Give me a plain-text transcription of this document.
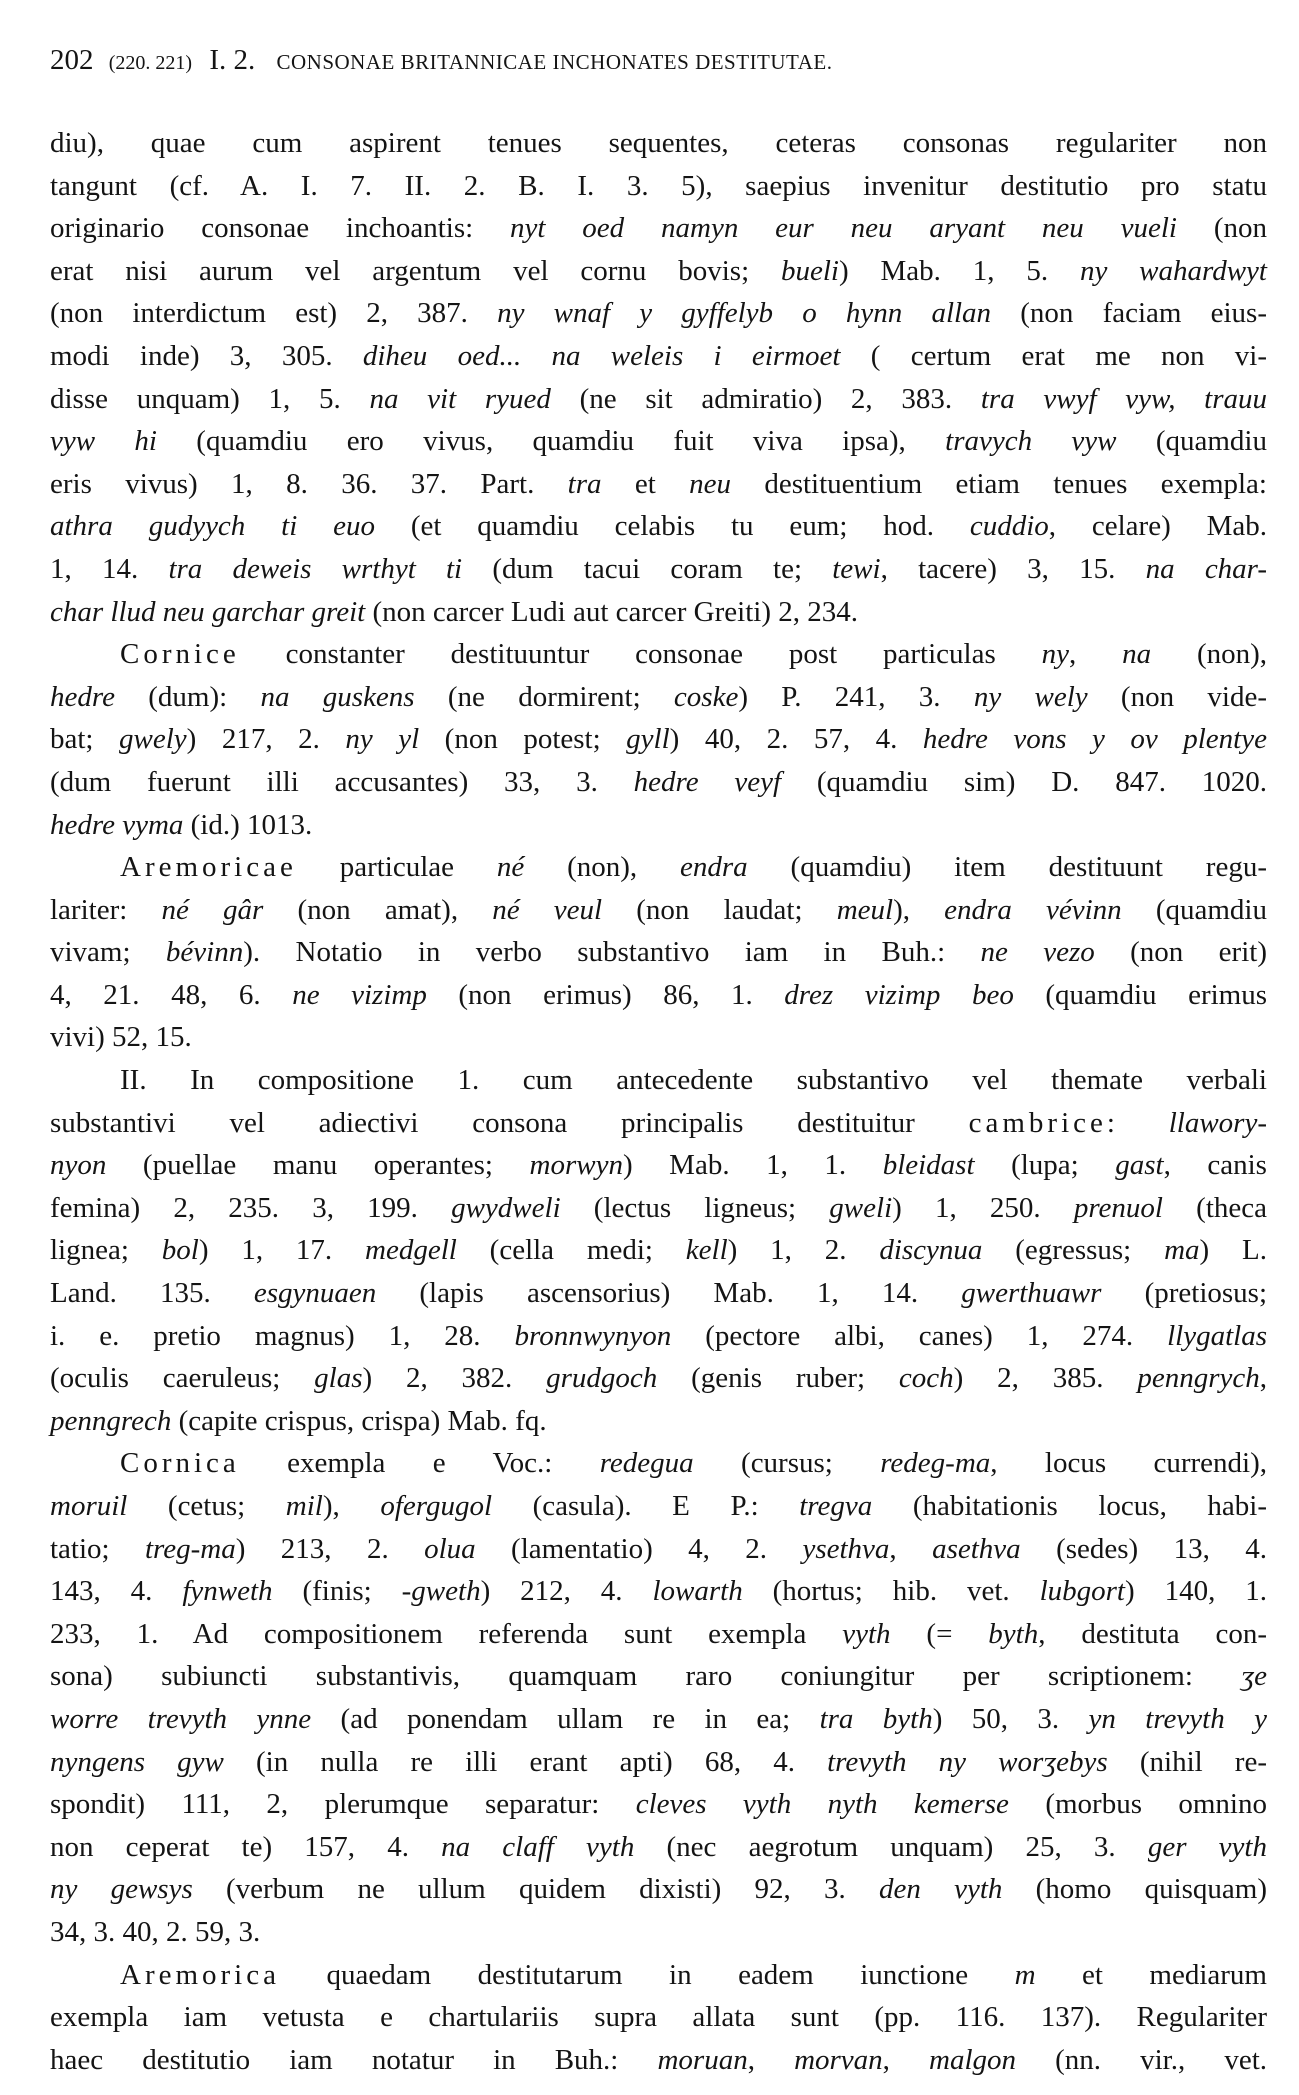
202 (220. 221) I. 2. CONSONAE BRITANNICAE INCHONATES DESTITUTAE.
diu), quae cum aspirent tenues sequentes, ceteras consonas regulariter non
tangunt (cf. A. I. 7. II. 2. B. I. 3. 5), saepius invenitur destitutio pro statu
originario consonae inchoantis: nyt oed namyn eur neu aryant neu vueli (non
erat nisi aurum vel argentum vel cornu bovis; bueli) Mab. 1, 5. ny wahardwyt
(non interdictum est) 2, 387. ny wnaf y gyffelyb o hynn allan (non faciam eius-
modi inde) 3, 305. diheu oed... na weleis i eirmoet ( certum erat me non vi-
disse unquam) 1, 5. na vit ryued (ne sit admiratio) 2, 383. tra vwyf vyw, trauu
vyw hi (quamdiu ero vivus, quamdiu fuit viva ipsa), travych vyw (quamdiu
eris vivus) 1, 8. 36. 37. Part. tra et neu destituentium etiam tenues exempla:
athra gudyych ti euo (et quamdiu celabis tu eum; hod. cuddio, celare) Mab.
1, 14. tra deweis wrthyt ti (dum tacui coram te; tewi, tacere) 3, 15. na char-
char llud neu garchar greit (non carcer Ludi aut carcer Greiti) 2, 234.
Cornice constanter destituuntur consonae post particulas ny, na (non),
hedre (dum): na guskens (ne dormirent; coske) P. 241, 3. ny wely (non vide-
bat; gwely) 217, 2. ny yl (non potest; gyll) 40, 2. 57, 4. hedre vons y ov plentye
(dum fuerunt illi accusantes) 33, 3. hedre veyf (quamdiu sim) D. 847. 1020.
hedre vyma (id.) 1013.
Aremoricae particulae né (non), endra (quamdiu) item destituunt regu-
lariter: né gâr (non amat), né veul (non laudat; meul), endra vévinn (quamdiu
vivam; bévinn). Notatio in verbo substantivo iam in Buh.: ne vezo (non erit)
4, 21. 48, 6. ne vizimp (non erimus) 86, 1. drez vizimp beo (quamdiu erimus
vivi) 52, 15.
II. In compositione 1. cum antecedente substantivo vel themate verbali
substantivi vel adiectivi consona principalis destituitur cambrice: llawory-
nyon (puellae manu operantes; morwyn) Mab. 1, 1. bleidast (lupa; gast, canis
femina) 2, 235. 3, 199. gwydweli (lectus ligneus; gweli) 1, 250. prenuol (theca
lignea; bol) 1, 17. medgell (cella medi; kell) 1, 2. discynua (egressus; ma) L.
Land. 135. esgynuaen (lapis ascensorius) Mab. 1, 14. gwerthuawr (pretiosus;
i. e. pretio magnus) 1, 28. bronnwynyon (pectore albi, canes) 1, 274. llygatlas
(oculis caeruleus; glas) 2, 382. grudgoch (genis ruber; coch) 2, 385. penngrych,
penngrech (capite crispus, crispa) Mab. fq.
Cornica exempla e Voc.: redegua (cursus; redeg-ma, locus currendi),
moruil (cetus; mil), ofergugol (casula). E P.: tregva (habitationis locus, habi-
tatio; treg-ma) 213, 2. olua (lamentatio) 4, 2. ysethva, asethva (sedes) 13, 4.
143, 4. fynweth (finis; -gweth) 212, 4. lowarth (hortus; hib. vet. lubgort) 140, 1.
233, 1. Ad compositionem referenda sunt exempla vyth (= byth, destituta con-
sona) subiuncti substantivis, quamquam raro coniungitur per scriptionem: ʒe
worre trevyth ynne (ad ponendam ullam re in ea; tra byth) 50, 3. yn trevyth y
nyngens gyw (in nulla re illi erant apti) 68, 4. trevyth ny worʒebys (nihil re-
spondit) 111, 2, plerumque separatur: cleves vyth nyth kemerse (morbus omnino
non ceperat te) 157, 4. na claff vyth (nec aegrotum unquam) 25, 3. ger vyth
ny gewsys (verbum ne ullum quidem dixisti) 92, 3. den vyth (homo quisquam)
34, 3. 40, 2. 59, 3.
Aremorica quaedam destitutarum in eadem iunctione m et mediarum
exempla iam vetusta e chartulariis supra allata sunt (pp. 116. 137). Regulariter
haec destitutio iam notatur in Buh.: moruan, morvan, malgon (nn. vir., vet.
